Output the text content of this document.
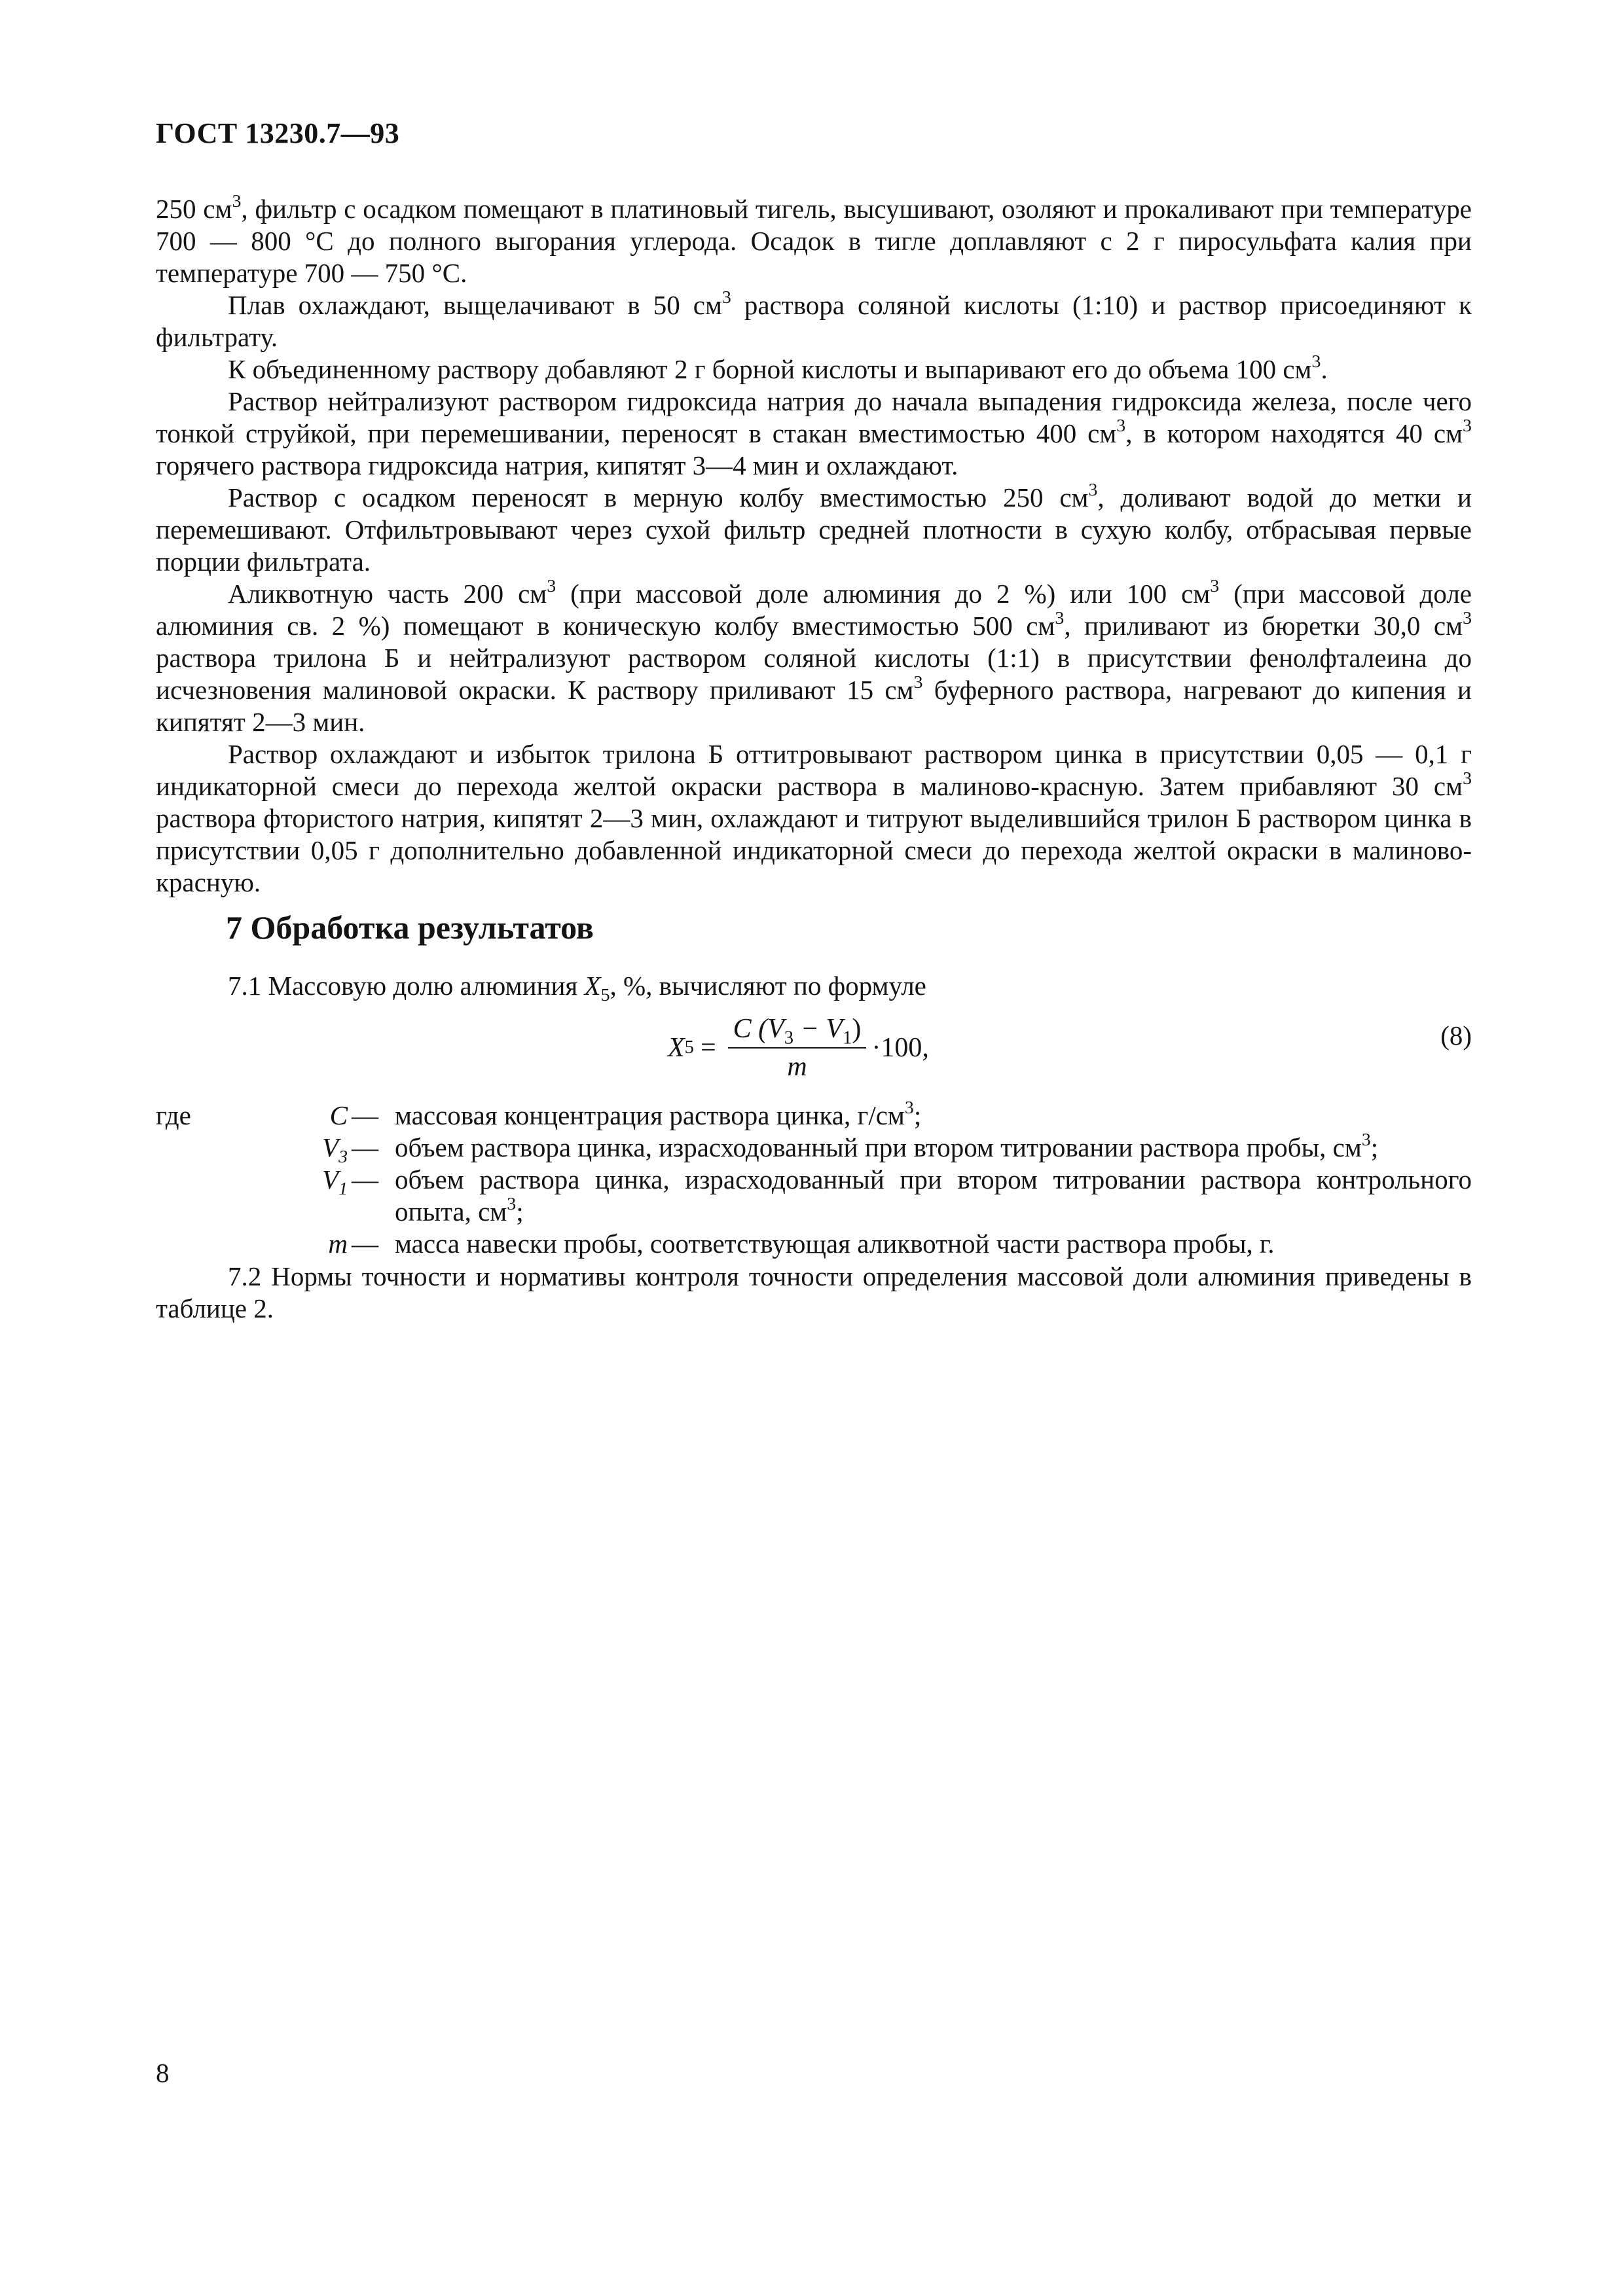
ГОСТ 13230.7—93

250 $см^3$, фильтр с осадком помещают в платиновый тигель, высушивают, озоляют и прокаливают при температуре 700 — 800 °С до полного выгорания углерода. Осадок в тигле доплавляют с 2 г пиросульфата калия при температуре 700 — 750 °С.

Плав охлаждают, выщелачивают в 50 $см^3$ раствора соляной кислоты (1:10) и раствор присоединяют к фильтрату.

К объединенному раствору добавляют 2 г борной кислоты и выпаривают его до объема 100 $см^3$.

Раствор нейтрализуют раствором гидроксида натрия до начала выпадения гидроксида железа, после чего тонкой струйкой, при перемешивании, переносят в стакан вместимостью 400 $см^3$, в котором находятся 40 $см^3$ горячего раствора гидроксида натрия, кипятят 3—4 мин и охлаждают.

Раствор с осадком переносят в мерную колбу вместимостью 250 $см^3$, доливают водой до метки и перемешивают. Отфильтровывают через сухой фильтр средней плотности в сухую колбу, отбрасывая первые порции фильтрата.

Аликвотную часть 200 $см^3$ (при массовой доле алюминия до 2 %) или 100 $см^3$ (при массовой доле алюминия св. 2 %) помещают в коническую колбу вместимостью 500 $см^3$, приливают из бюретки 30,0 $см^3$ раствора трилона Б и нейтрализуют раствором соляной кислоты (1:1) в присутствии фенолфталеина до исчезновения малиновой окраски. К раствору приливают 15 $см^3$ буферного раствора, нагревают до кипения и кипятят 2—3 мин.

Раствор охлаждают и избыток трилона Б оттитровывают раствором цинка в присутствии 0,05 — 0,1 г индикаторной смеси до перехода желтой окраски раствора в малиново-красную. Затем прибавляют 30 $см^3$ раствора фтористого натрия, кипятят 2—3 мин, охлаждают и титруют выделившийся трилон Б раствором цинка в присутствии 0,05 г дополнительно добавленной индикаторной смеси до перехода желтой окраски в малиново-красную.

7 Обработка результатов
7.1 Массовую долю алюминия $X_5$, %, вычисляют по формуле
X $5 = \frac{C (V_3 - V_1)}{m} \cdot 100$,	(8)
где	C — массовая концентрация раствора цинка, $г/см^3$;
$V_3$ — объем раствора цинка, израсходованный при втором титровании раствора пробы, $см^3$;
$V_1$ — объем раствора цинка, израсходованный при втором титровании раствора контрольного опыта, $см^3$;
m — масса навески пробы, соответствующая аликвотной части раствора пробы, г.
7.2 Нормы точности и нормативы контроля точности определения массовой доли алюминия приведены в таблице 2.
8
